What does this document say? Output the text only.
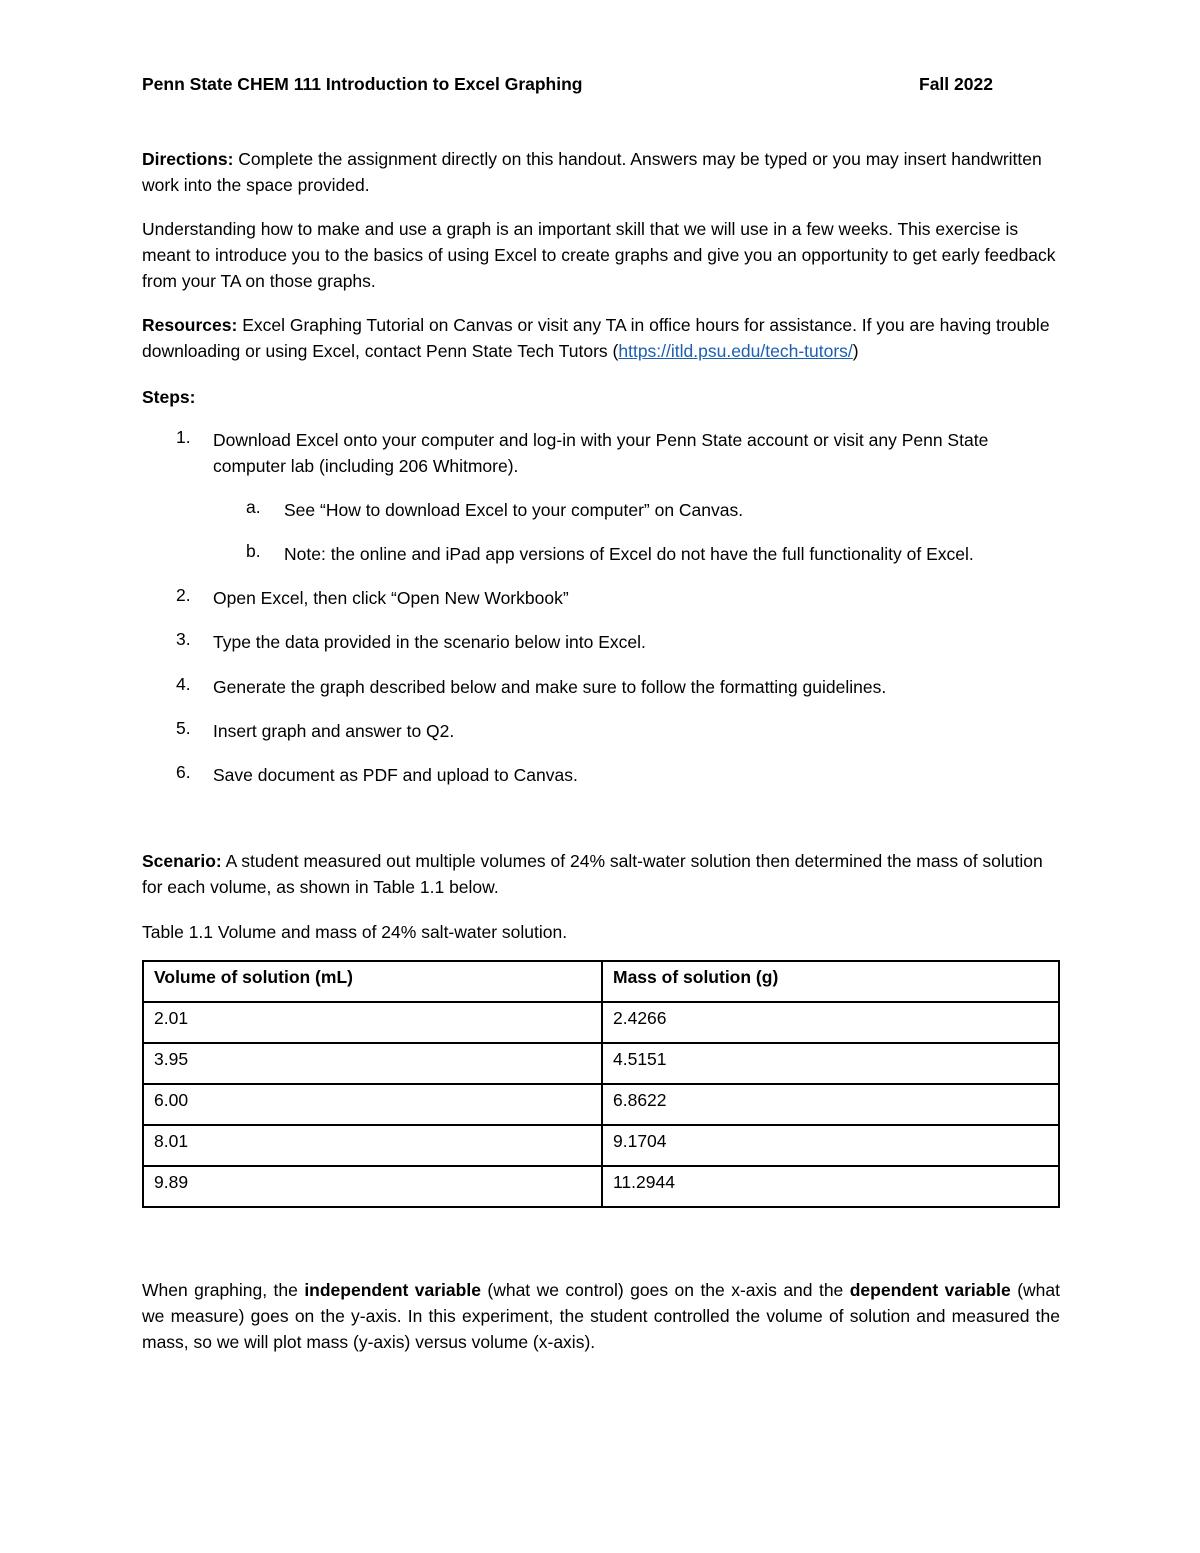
Penn State CHEM 111 Introduction to Excel Graphing	Fall 2022

Directions: Complete the assignment directly on this handout. Answers may be typed or you may insert handwritten work into the space provided.

Understanding how to make and use a graph is an important skill that we will use in a few weeks. This exercise is meant to introduce you to the basics of using Excel to create graphs and give you an opportunity to get early feedback from your TA on those graphs.

Resources: Excel Graphing Tutorial on Canvas or visit any TA in office hours for assistance. If you are having trouble downloading or using Excel, contact Penn State Tech Tutors (https://itld.psu.edu/tech-tutors/)

Steps:

1. Download Excel onto your computer and log-in with your Penn State account or visit any Penn State computer lab (including 206 Whitmore).
a. See “How to download Excel to your computer” on Canvas.
b. Note: the online and iPad app versions of Excel do not have the full functionality of Excel.
2. Open Excel, then click “Open New Workbook”
3. Type the data provided in the scenario below into Excel.
4. Generate the graph described below and make sure to follow the formatting guidelines.
5. Insert graph and answer to Q2.
6. Save document as PDF and upload to Canvas.

Scenario: A student measured out multiple volumes of 24% salt-water solution then determined the mass of solution for each volume, as shown in Table 1.1 below.

Table 1.1 Volume and mass of 24% salt-water solution.

Volume of solution (mL)	Mass of solution (g)
2.01	2.4266
3.95	4.5151
6.00	6.8622
8.01	9.1704
9.89	11.2944

When graphing, the independent variable (what we control) goes on the x-axis and the dependent variable (what we measure) goes on the y-axis. In this experiment, the student controlled the volume of solution and measured the mass, so we will plot mass (y-axis) versus volume (x-axis).
